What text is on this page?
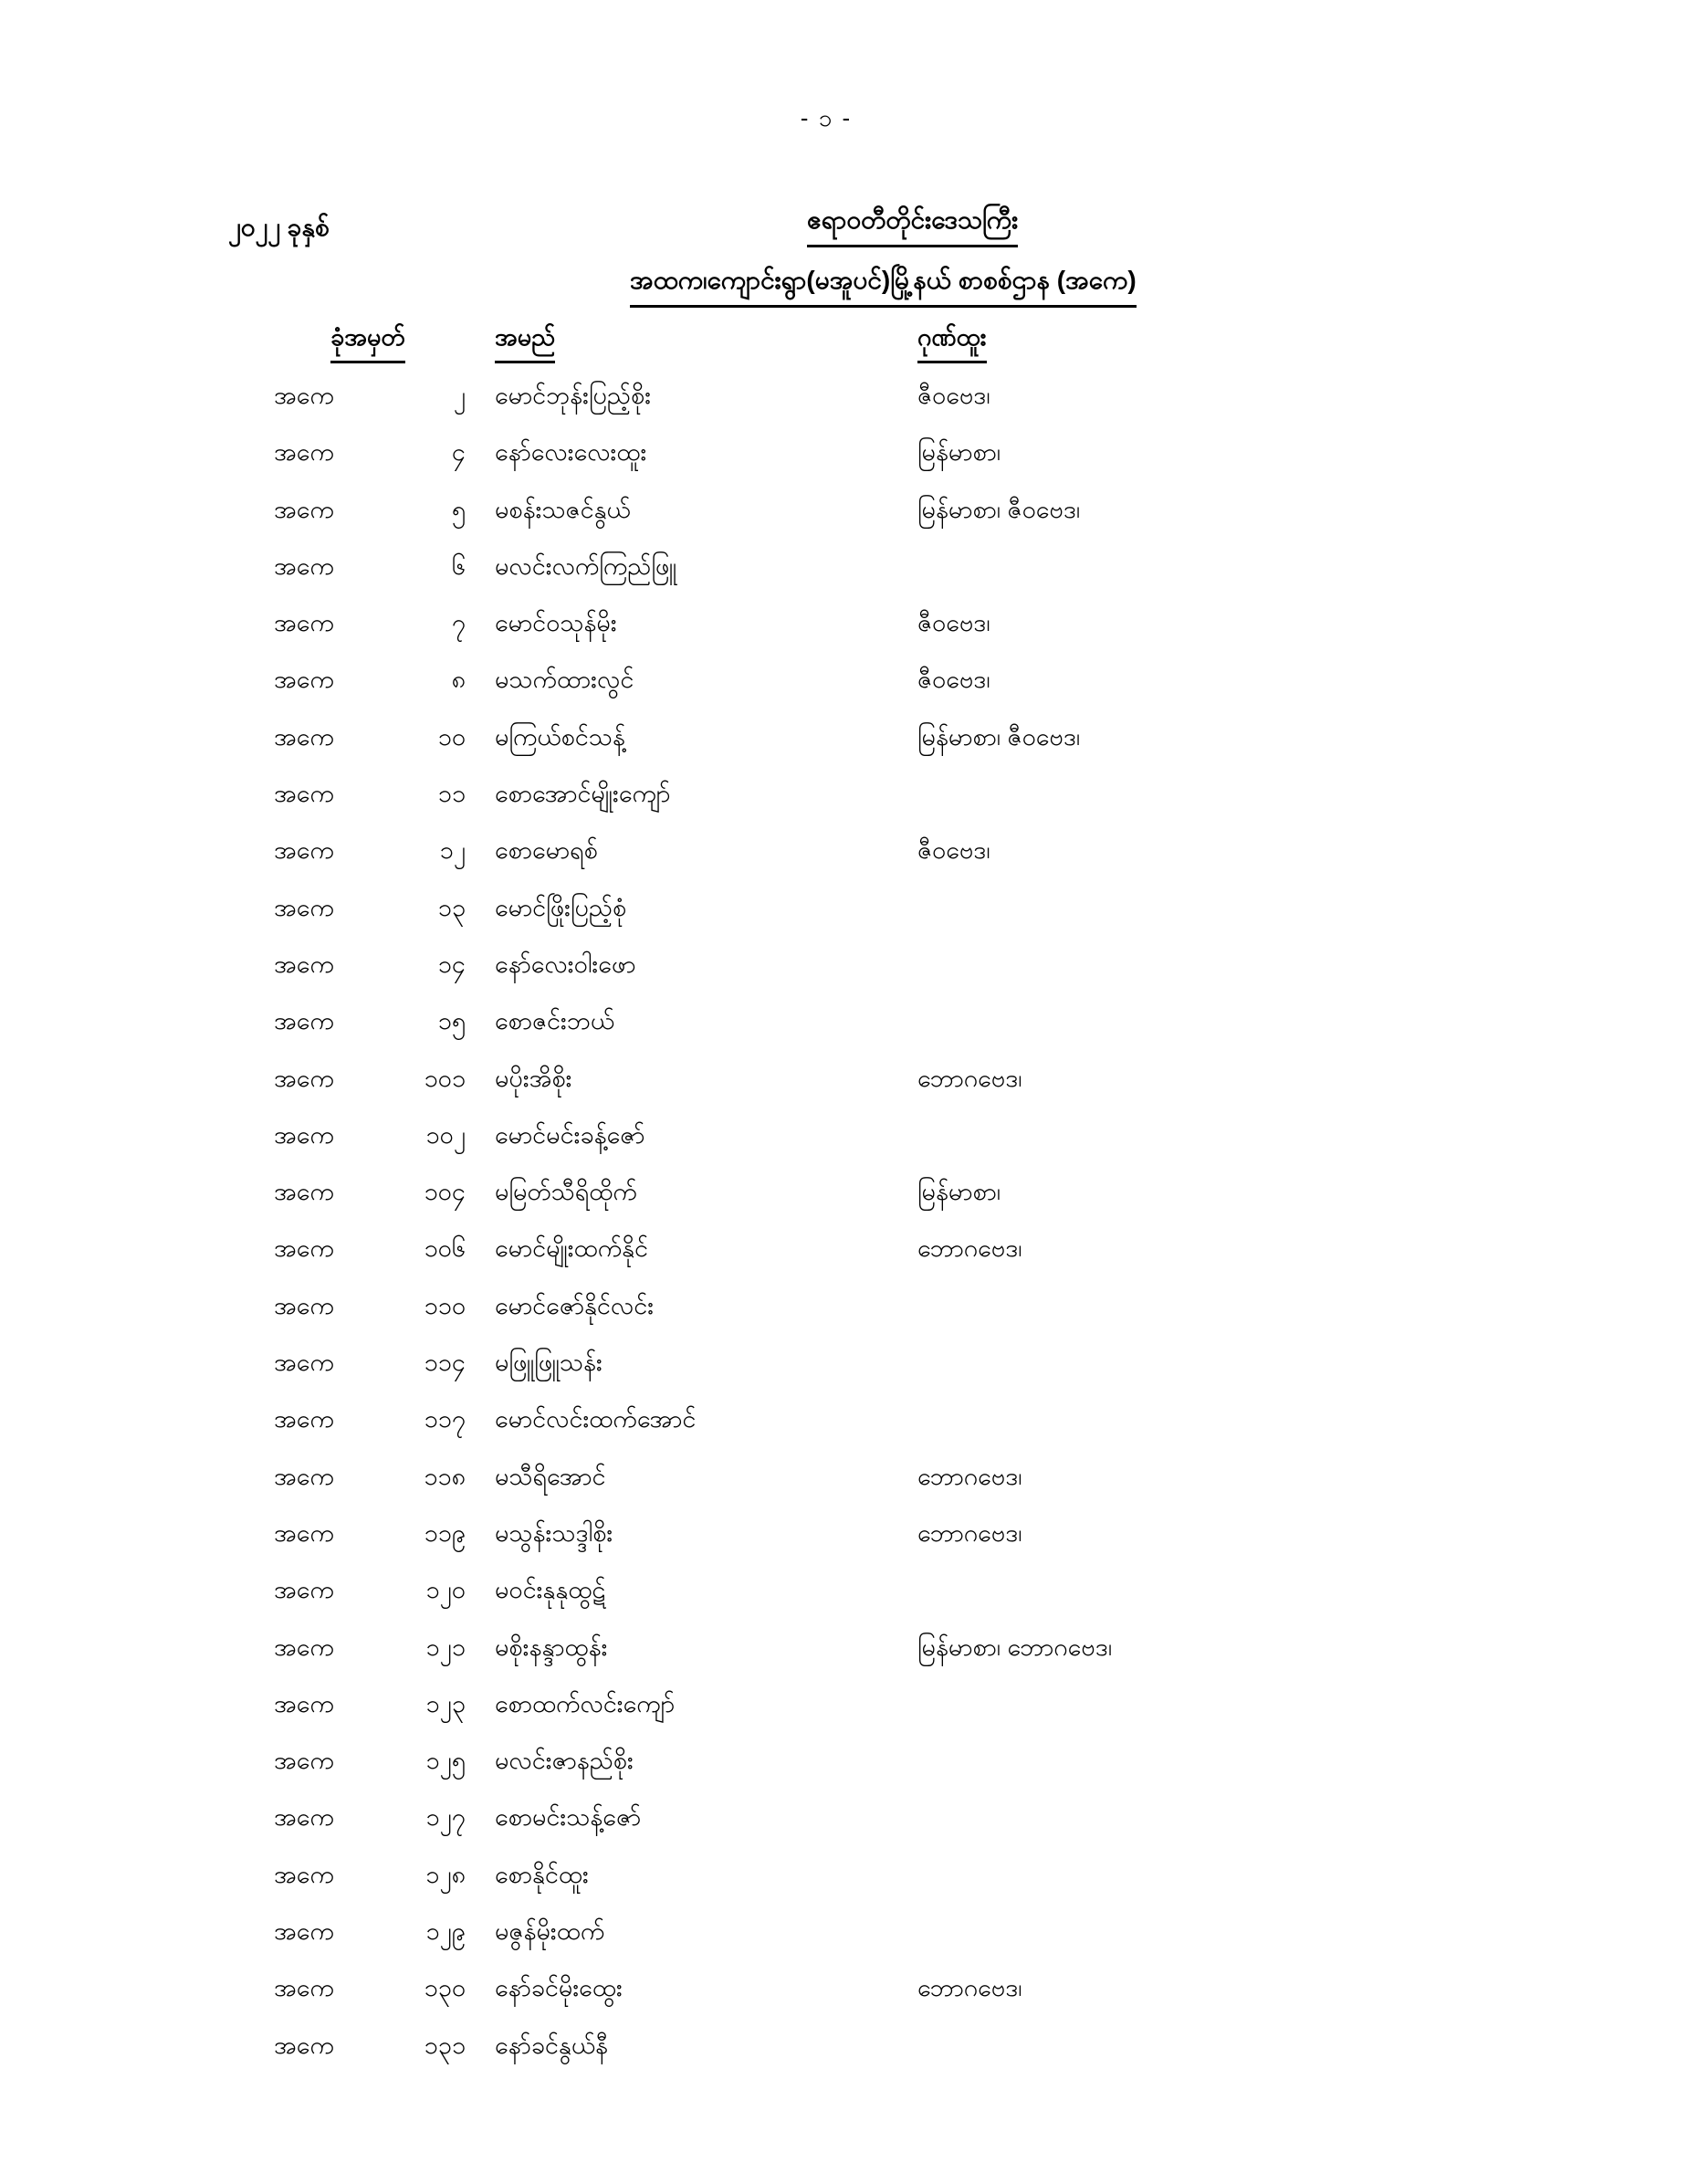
- ၁ -
၂၀၂၂ ခုနှစ်	ဧရာဝတီတိုင်းဒေသကြီး
အထက၊ကျောင်းရွာ(မအူပင်)မြို့နယ် စာစစ်ဌာန (အကေ)
ခုံအမှတ်	အမည်	ဂုဏ်ထူး
အကေ	၂ မောင်ဘုန်းပြည့်စိုး	ဇီဝဗေဒ၊
အကေ	၄ နော်လေးလေးထူး	မြန်မာစာ၊
အကေ	၅ မစန်းသဇင်နွယ်	မြန်မာစာ၊ ဇီဝဗေဒ၊
အကေ	၆ မလင်းလက်ကြည်ဖြူ
အကေ	၇ မောင်ဝသုန်မိုး	ဇီဝဗေဒ၊
အကေ	၈ မသက်ထားလွင်	ဇီဝဗေဒ၊
အကေ	၁၀ မကြယ်စင်သန့်	မြန်မာစာ၊ ဇီဝဗေဒ၊
အကေ	၁၁ စောအောင်မျိုးကျော်
အကေ	၁၂ စောမောရစ်	ဇီဝဗေဒ၊
အကေ	၁၃ မောင်ဖြိုးပြည့်စုံ
အကေ	၁၄ နော်လေးဝါးဖော
အကေ	၁၅ စောဇင်းဘယ်
အကေ	၁၀၁ မပိုးအိစိုး	ဘောဂဗေဒ၊
အကေ	၁၀၂ မောင်မင်းခန့်ဇော်
အကေ	၁၀၄ မမြတ်သီရိထိုက်	မြန်မာစာ၊
အကေ	၁၀၆ မောင်မျိုးထက်နိုင်	ဘောဂဗေဒ၊
အကေ	၁၁၀ မောင်ဇော်နိုင်လင်း
အကေ	၁၁၄ မဖြူဖြူသန်း
အကေ	၁၁၇ မောင်လင်းထက်အောင်
အကေ	၁၁၈ မသီရိအောင်	ဘောဂဗေဒ၊
အကေ	၁၁၉ မသွန်းသဒ္ဒါစိုး	ဘောဂဗေဒ၊
အကေ	၁၂၀ မဝင်းနုနုထွဋ်
အကေ	၁၂၁ မစိုးနန္ဒာထွန်း	မြန်မာစာ၊ ဘောဂဗေဒ၊
အကေ	၁၂၃ စောထက်လင်းကျော်
အကေ	၁၂၅ မလင်းဇာနည်စိုး
အကေ	၁၂၇ စောမင်းသန့်ဇော်
အကေ	၁၂၈ စောနိုင်ထူး
အကေ	၁၂၉ မဇွန်မိုးထက်
အကေ	၁၃၀ နော်ခင်မိုးထွေး	ဘောဂဗေဒ၊
အကေ	၁၃၁ နော်ခင်နွယ်နီ
